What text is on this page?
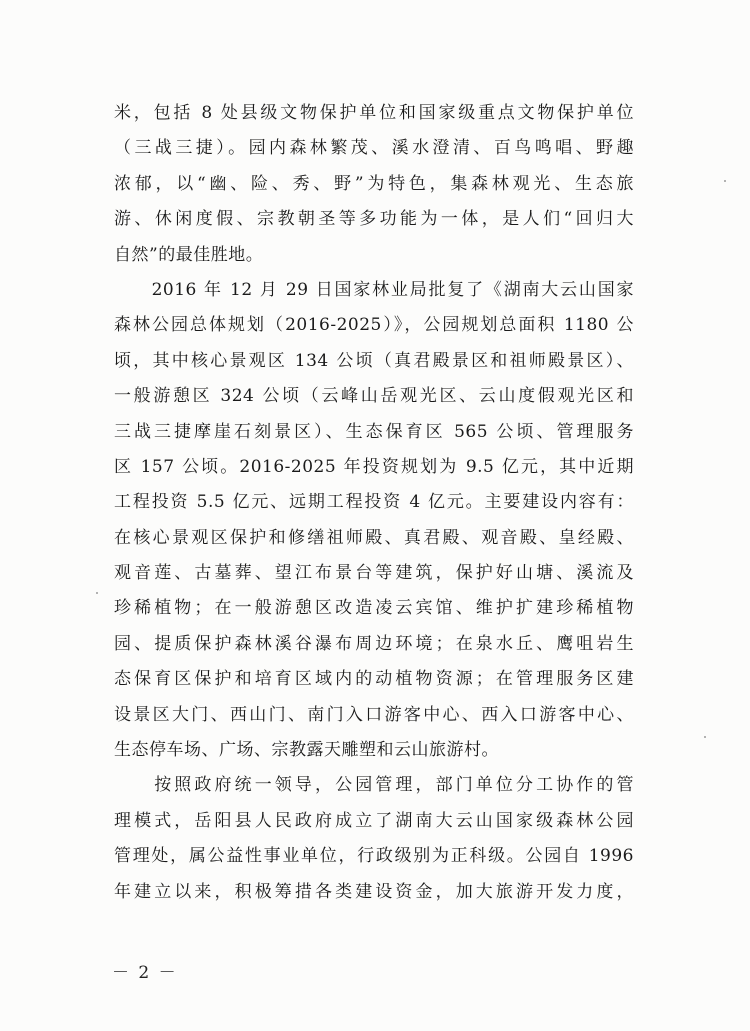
米，包括 8 处县级文物保护单位和国家级重点文物保护单位
（三战三捷）。园内森林繁茂、溪水澄清、百鸟鸣唱、野趣
浓郁，以“幽、险、秀、野”为特色，集森林观光、生态旅
游、休闲度假、宗教朝圣等多功能为一体，是人们“回归大
自然”的最佳胜地。
　　2016 年 12 月 29 日国家林业局批复了《湖南大云山国家
森林公园总体规划（2016-2025）》，公园规划总面积 1180 公
顷，其中核心景观区 134 公顷（真君殿景区和祖师殿景区）、
一般游憩区 324 公顷（云峰山岳观光区、云山度假观光区和
三战三捷摩崖石刻景区）、生态保育区 565 公顷、管理服务
区 157 公顷。2016-2025 年投资规划为 9.5 亿元，其中近期
工程投资 5.5 亿元、远期工程投资 4 亿元。主要建设内容有：
在核心景观区保护和修缮祖师殿、真君殿、观音殿、皇经殿、
观音莲、古墓葬、望江布景台等建筑，保护好山塘、溪流及
珍稀植物；在一般游憩区改造凌云宾馆、维护扩建珍稀植物
园、提质保护森林溪谷瀑布周边环境；在泉水丘、鹰咀岩生
态保育区保护和培育区域内的动植物资源；在管理服务区建
设景区大门、西山门、南门入口游客中心、西入口游客中心、
生态停车场、广场、宗教露天雕塑和云山旅游村。
　　按照政府统一领导，公园管理，部门单位分工协作的管
理模式，岳阳县人民政府成立了湖南大云山国家级森林公园
管理处，属公益性事业单位，行政级别为正科级。公园自 1996
年建立以来，积极筹措各类建设资金，加大旅游开发力度，
－ 2 －
